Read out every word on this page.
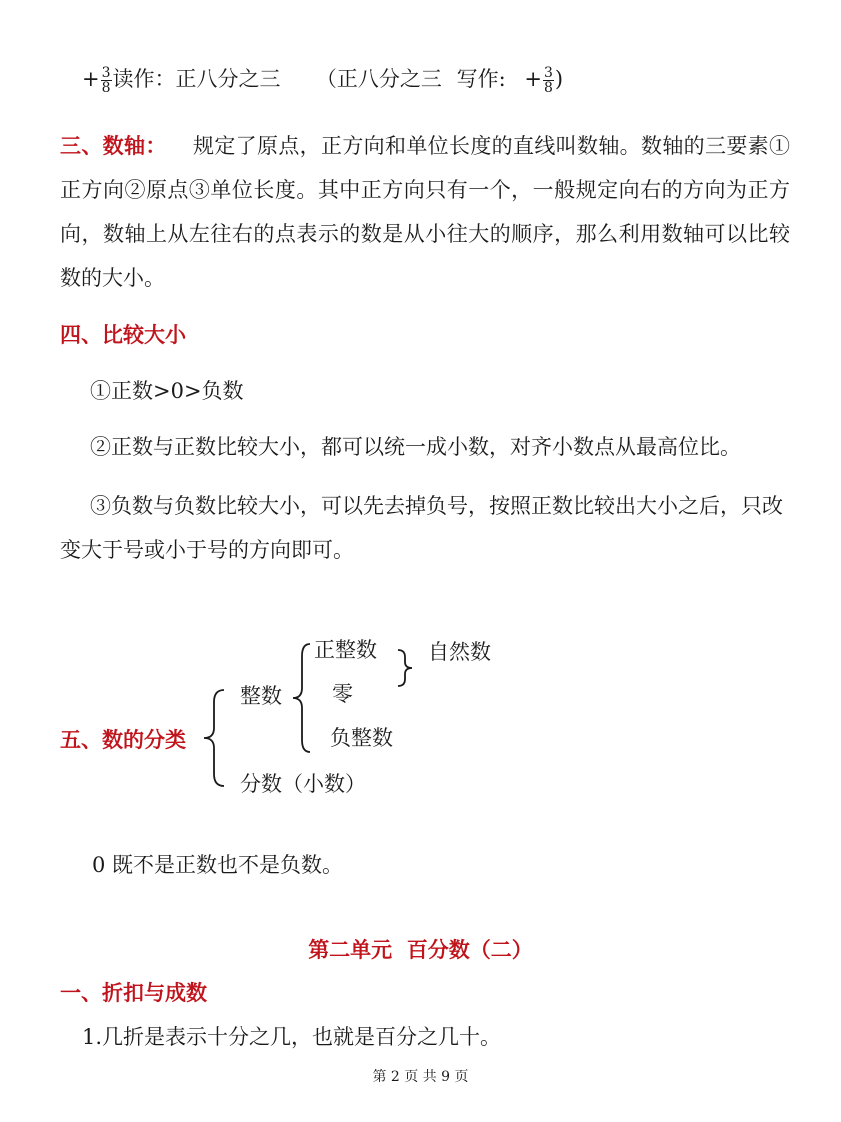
+ $\frac{3}{8}$ 读作：正八分之三 （正八分之三 写作: + $\frac{3}{8}$ )
三、数轴： 规定了原点，正方向和单位长度的直线叫数轴。数轴的三要素①正方向②原点③单位长度。其中正方向只有一个，一般规定向右的方向为正方向，数轴上从左往右的点表示的数是从小往大的顺序，那么利用数轴可以比较数的大小。
四、比较大小
①正数>0>负数
②正数与正数比较大小，都可以统一成小数，对齐小数点从最高位比。
③负数与负数比较大小，可以先去掉负号，按照正数比较出大小之后，只改变大于号或小于号的方向即可。
五、数的分类
整数
分数（小数）
正整数
零
负整数
自然数
0 既不是正数也不是负数。
第二单元  百分数（二）
一、折扣与成数
1.几折是表示十分之几，也就是百分之几十。
第 2 页 共 9 页
